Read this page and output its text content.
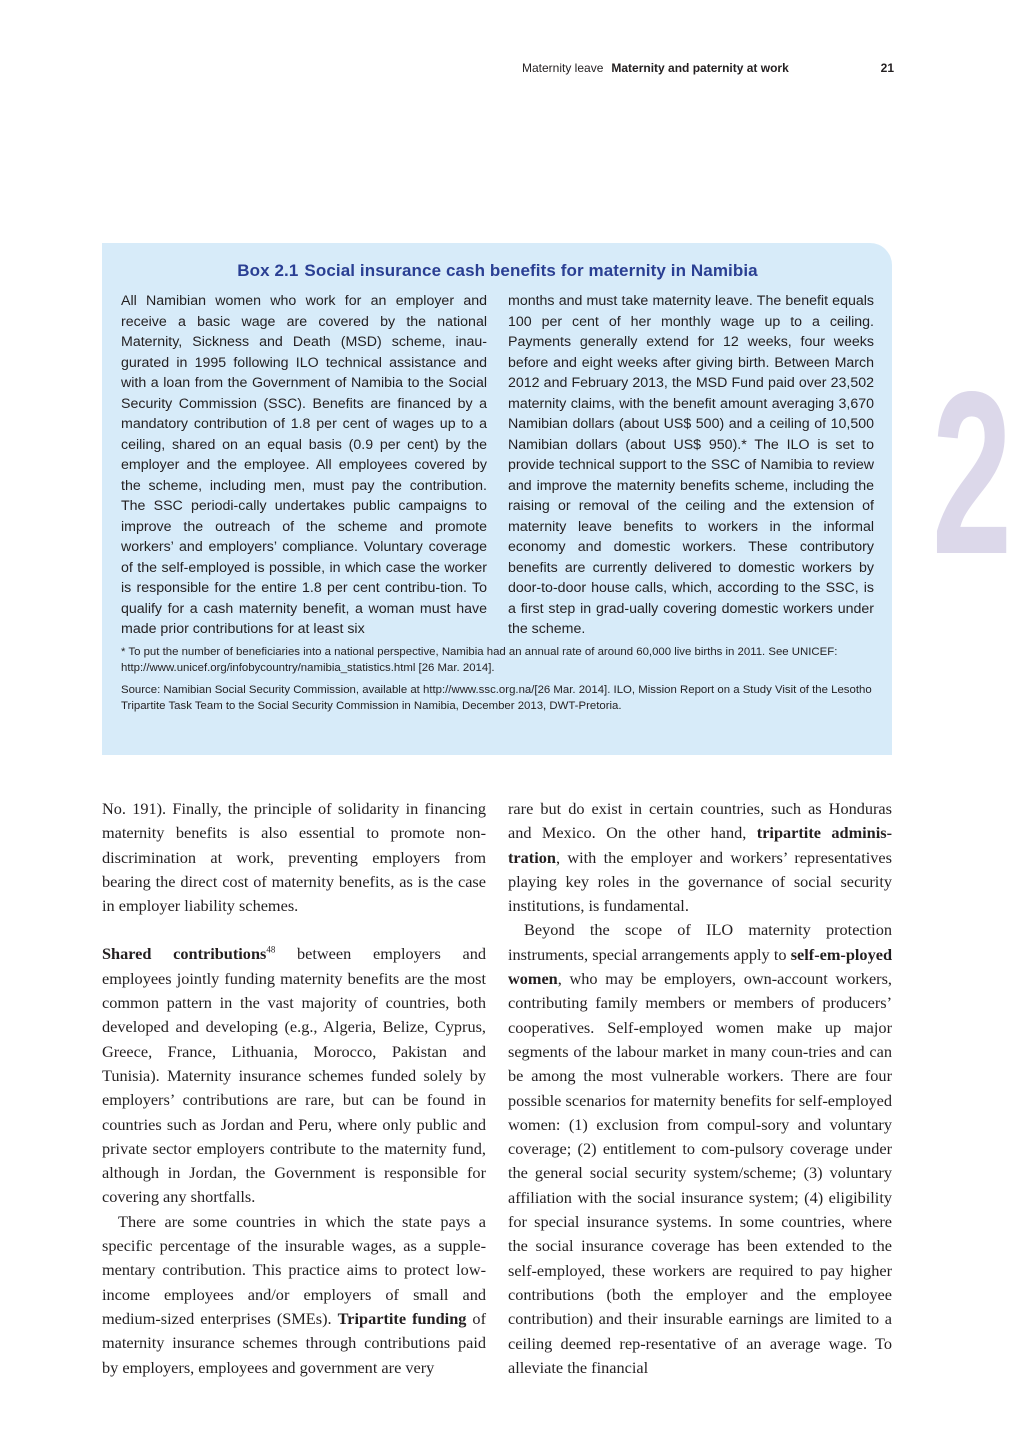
Maternity leave Maternity and paternity at work	21
2
Box 2.1 Social insurance cash benefits for maternity in Namibia
All Namibian women who work for an employer and receive a basic wage are covered by the national Maternity, Sickness and Death (MSD) scheme, inau-gurated in 1995 following ILO technical assistance and with a loan from the Government of Namibia to the Social Security Commission (SSC). Benefits are financed by a mandatory contribution of 1.8 per cent of wages up to a ceiling, shared on an equal basis (0.9 per cent) by the employer and the employee. All employees covered by the scheme, including men, must pay the contribution. The SSC periodi-cally undertakes public campaigns to improve the outreach of the scheme and promote workers’ and employers’ compliance. Voluntary coverage of the self-employed is possible, in which case the worker is responsible for the entire 1.8 per cent contribu-tion. To qualify for a cash maternity benefit, a woman must have made prior contributions for at least six
months and must take maternity leave. The benefit equals 100 per cent of her monthly wage up to a ceiling. Payments generally extend for 12 weeks, four weeks before and eight weeks after giving birth. Between March 2012 and February 2013, the MSD Fund paid over 23,502 maternity claims, with the benefit amount averaging 3,670 Namibian dollars (about US$ 500) and a ceiling of 10,500 Namibian dollars (about US$ 950).* The ILO is set to provide technical support to the SSC of Namibia to review and improve the maternity benefits scheme, including the raising or removal of the ceiling and the extension of maternity leave benefits to workers in the informal economy and domestic workers. These contributory benefits are currently delivered to domestic workers by door-to-door house calls, which, according to the SSC, is a first step in grad-ually covering domestic workers under the scheme.

* To put the number of beneficiaries into a national perspective, Namibia had an annual rate of around 60,000 live births in 2011. See UNICEF: http://www.unicef.org/infobycountry/namibia_statistics.html [26 Mar. 2014].

Source: Namibian Social Security Commission, available at http://www.ssc.org.na/[26 Mar. 2014]. ILO, Mission Report on a Study Visit of the Lesotho Tripartite Task Team to the Social Security Commission in Namibia, December 2013, DWT-Pretoria.

No. 191). Finally, the principle of solidarity in financing maternity benefits is also essential to promote non-discrimination at work, preventing employers from bearing the direct cost of maternity benefits, as is the case in employer liability schemes.

Shared contributions$^{48}$ between employers and employees jointly funding maternity benefits are the most common pattern in the vast majority of countries, both developed and developing (e.g., Algeria, Belize, Cyprus, Greece, France, Lithuania, Morocco, Pakistan and Tunisia). Maternity insurance schemes funded solely by employers’ contributions are rare, but can be found in countries such as Jordan and Peru, where only public and private sector employers contribute to the maternity fund, although in Jordan, the Government is responsible for covering any shortfalls.

There are some countries in which the state pays a specific percentage of the insurable wages, as a supple-mentary contribution. This practice aims to protect low-income employees and/or employers of small and medium-sized enterprises (SMEs). Tripartite funding of maternity insurance schemes through contributions paid by employers, employees and government are very

rare but do exist in certain countries, such as Honduras and Mexico. On the other hand, tripartite adminis-tration, with the employer and workers’ representatives playing key roles in the governance of social security institutions, is fundamental.

Beyond the scope of ILO maternity protection instruments, special arrangements apply to self-em-ployed women, who may be employers, own-account workers, contributing family members or members of producers’ cooperatives. Self-employed women make up major segments of the labour market in many coun-tries and can be among the most vulnerable workers. There are four possible scenarios for maternity benefits for self-employed women: (1) exclusion from compul-sory and voluntary coverage; (2) entitlement to com-pulsory coverage under the general social security system/scheme; (3) voluntary affiliation with the social insurance system; (4) eligibility for special insurance systems. In some countries, where the social insurance coverage has been extended to the self-employed, these workers are required to pay higher contributions (both the employer and the employee contribution) and their insurable earnings are limited to a ceiling deemed rep-resentative of an average wage. To alleviate the financial
